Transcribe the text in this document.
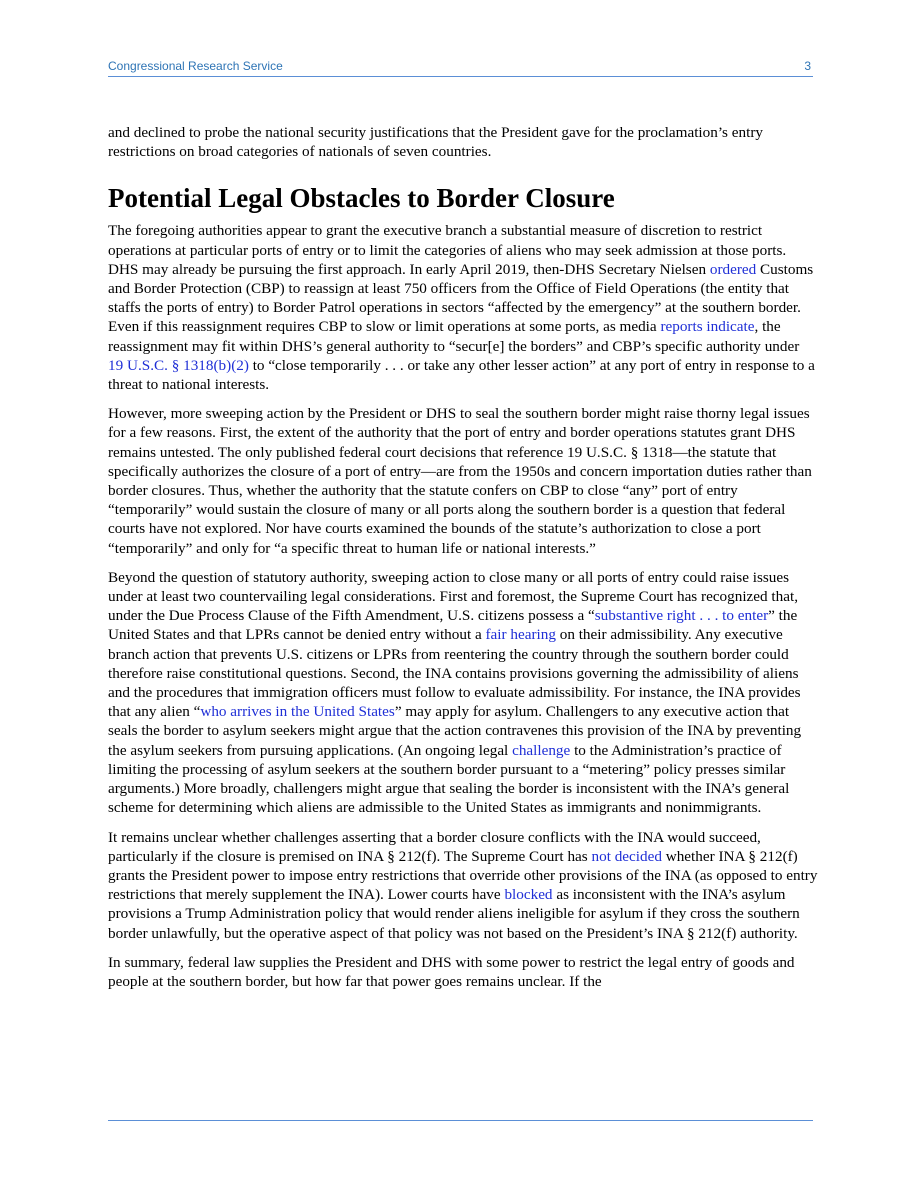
Congressional Research Service	3

and declined to probe the national security justifications that the President gave for the proclamation’s entry restrictions on broad categories of nationals of seven countries.

Potential Legal Obstacles to Border Closure

The foregoing authorities appear to grant the executive branch a substantial measure of discretion to restrict operations at particular ports of entry or to limit the categories of aliens who may seek admission at those ports. DHS may already be pursuing the first approach. In early April 2019, then-DHS Secretary Nielsen ordered Customs and Border Protection (CBP) to reassign at least 750 officers from the Office of Field Operations (the entity that staffs the ports of entry) to Border Patrol operations in sectors “affected by the emergency” at the southern border. Even if this reassignment requires CBP to slow or limit operations at some ports, as media reports indicate, the reassignment may fit within DHS’s general authority to “secur[e] the borders” and CBP’s specific authority under 19 U.S.C. § 1318(b)(2) to “close temporarily . . . or take any other lesser action” at any port of entry in response to a threat to national interests.

However, more sweeping action by the President or DHS to seal the southern border might raise thorny legal issues for a few reasons. First, the extent of the authority that the port of entry and border operations statutes grant DHS remains untested. The only published federal court decisions that reference 19 U.S.C. § 1318—the statute that specifically authorizes the closure of a port of entry—are from the 1950s and concern importation duties rather than border closures. Thus, whether the authority that the statute confers on CBP to close “any” port of entry “temporarily” would sustain the closure of many or all ports along the southern border is a question that federal courts have not explored. Nor have courts examined the bounds of the statute’s authorization to close a port “temporarily” and only for “a specific threat to human life or national interests.”

Beyond the question of statutory authority, sweeping action to close many or all ports of entry could raise issues under at least two countervailing legal considerations. First and foremost, the Supreme Court has recognized that, under the Due Process Clause of the Fifth Amendment, U.S. citizens possess a “substantive right . . . to enter” the United States and that LPRs cannot be denied entry without a fair hearing on their admissibility. Any executive branch action that prevents U.S. citizens or LPRs from reentering the country through the southern border could therefore raise constitutional questions. Second, the INA contains provisions governing the admissibility of aliens and the procedures that immigration officers must follow to evaluate admissibility. For instance, the INA provides that any alien “who arrives in the United States” may apply for asylum. Challengers to any executive action that seals the border to asylum seekers might argue that the action contravenes this provision of the INA by preventing the asylum seekers from pursuing applications. (An ongoing legal challenge to the Administration’s practice of limiting the processing of asylum seekers at the southern border pursuant to a “metering” policy presses similar arguments.) More broadly, challengers might argue that sealing the border is inconsistent with the INA’s general scheme for determining which aliens are admissible to the United States as immigrants and nonimmigrants.

It remains unclear whether challenges asserting that a border closure conflicts with the INA would succeed, particularly if the closure is premised on INA § 212(f). The Supreme Court has not decided whether INA § 212(f) grants the President power to impose entry restrictions that override other provisions of the INA (as opposed to entry restrictions that merely supplement the INA). Lower courts have blocked as inconsistent with the INA’s asylum provisions a Trump Administration policy that would render aliens ineligible for asylum if they cross the southern border unlawfully, but the operative aspect of that policy was not based on the President’s INA § 212(f) authority.

In summary, federal law supplies the President and DHS with some power to restrict the legal entry of goods and people at the southern border, but how far that power goes remains unclear. If the
